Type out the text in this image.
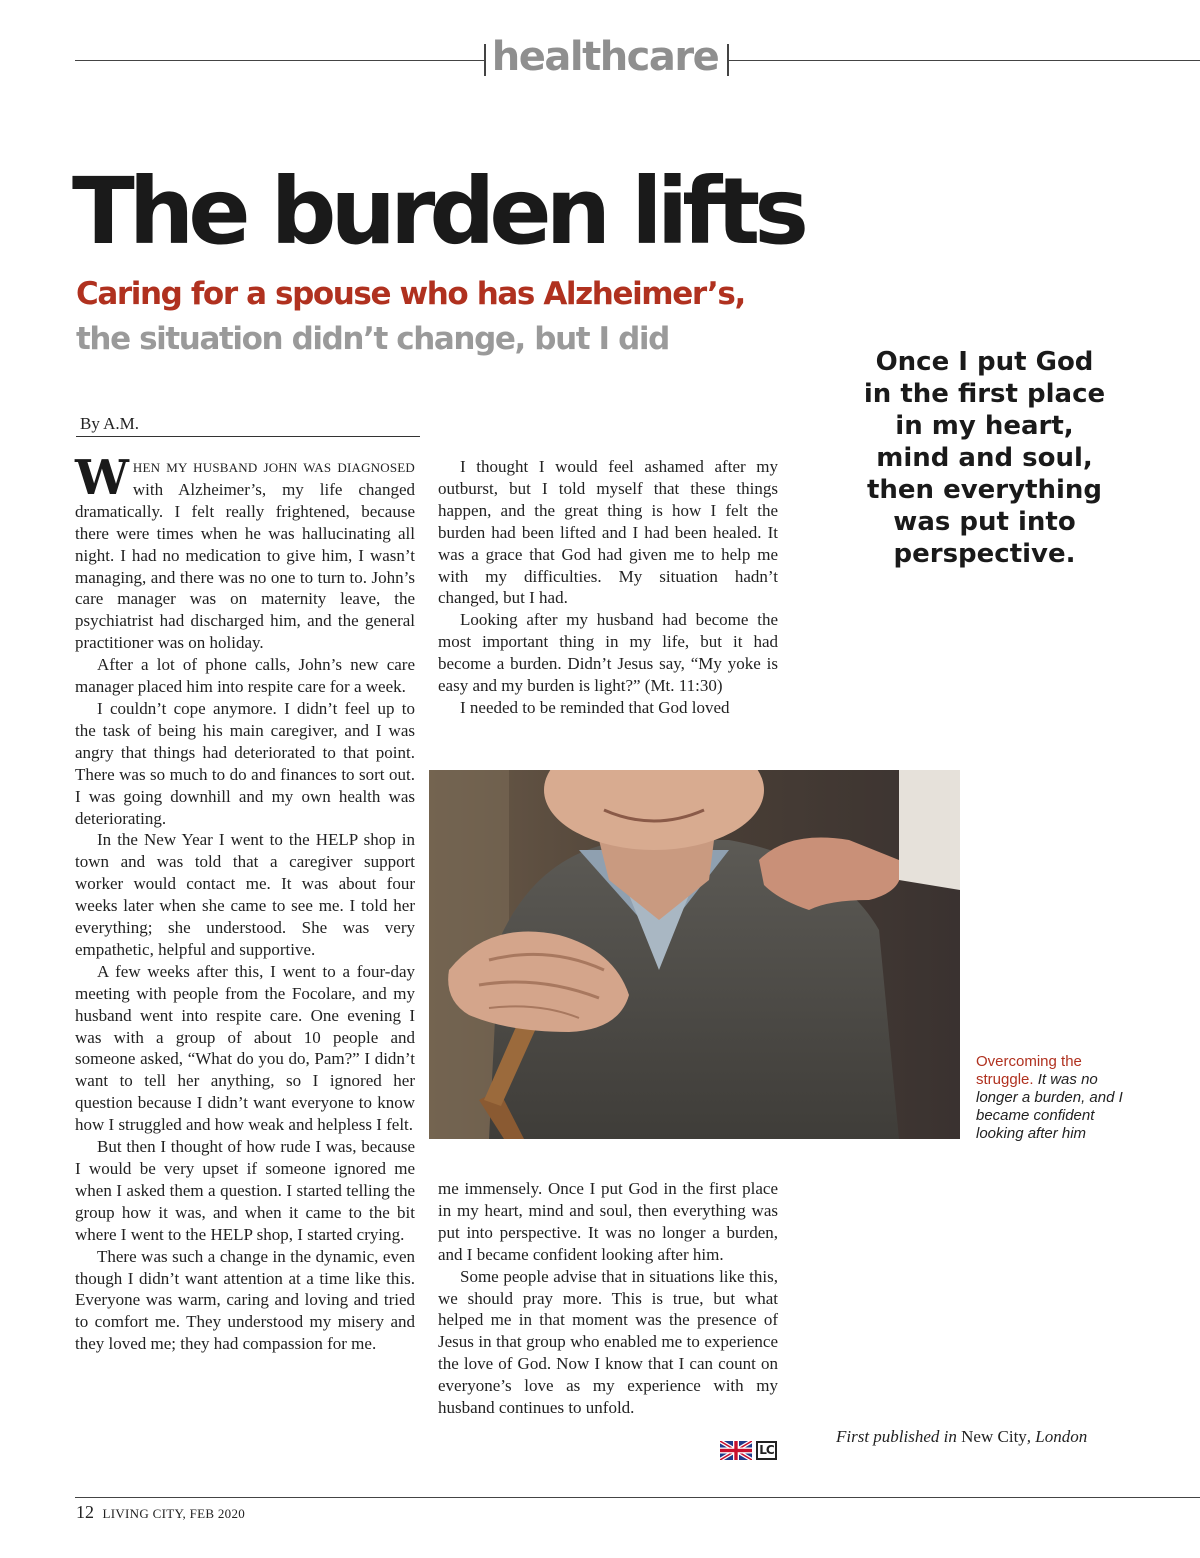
healthcare
The burden lifts
Caring for a spouse who has Alzheimer’s,
the situation didn’t change, but I did
Once I put God in the first place in my heart, mind and soul, then everything was put into perspective.
By A.M.

WHEN MY HUSBAND JOHN WAS DIAGNOSED with Alzheimer’s, my life changed dramatically. I felt really frightened, because there were times when he was hallucinating all night. I had no medication to give him, I wasn’t managing, and there was no one to turn to. John’s care manager was on maternity leave, the psychiatrist had discharged him, and the general practitioner was on holiday.

After a lot of phone calls, John’s new care manager placed him into respite care for a week.

I couldn’t cope anymore. I didn’t feel up to the task of being his main caregiver, and I was angry that things had deteriorated to that point. There was so much to do and finances to sort out. I was going downhill and my own health was deteriorating.

In the New Year I went to the HELP shop in town and was told that a caregiver support worker would contact me. It was about four weeks later when she came to see me. I told her everything; she understood. She was very empathetic, helpful and supportive.

A few weeks after this, I went to a four-day meeting with people from the Focolare, and my husband went into respite care. One evening I was with a group of about 10 people and someone asked, “What do you do, Pam?” I didn’t want to tell her anything, so I ignored her question because I didn’t want everyone to know how I struggled and how weak and helpless I felt.

But then I thought of how rude I was, because I would be very upset if someone ignored me when I asked them a question. I started telling the group how it was, and when it came to the bit where I went to the HELP shop, I started crying.

There was such a change in the dynamic, even though I didn’t want attention at a time like this. Everyone was warm, caring and loving and tried to comfort me. They understood my misery and they loved me; they had compassion for me.

I thought I would feel ashamed after my outburst, but I told myself that these things happen, and the great thing is how I felt the burden had been lifted and I had been healed. It was a grace that God had given me to help me with my difficulties. My situation hadn’t changed, but I had.

Looking after my husband had become the most important thing in my life, but it had become a burden. Didn’t Jesus say, “My yoke is easy and my burden is light?” (Mt. 11:30)

I needed to be reminded that God loved

Overcoming the struggle. It was no longer a burden, and I became confident looking after him

me immensely. Once I put God in the first place in my heart, mind and soul, then everything was put into perspective. It was no longer a burden, and I became confident looking after him.

Some people advise that in situations like this, we should pray more. This is true, but what helped me in that moment was the presence of Jesus in that group who enabled me to experience the love of God. Now I know that I can count on everyone’s love as my experience with my husband continues to unfold.

LC
First published in New City, London
12 LIVING CITY, FEB 2020
